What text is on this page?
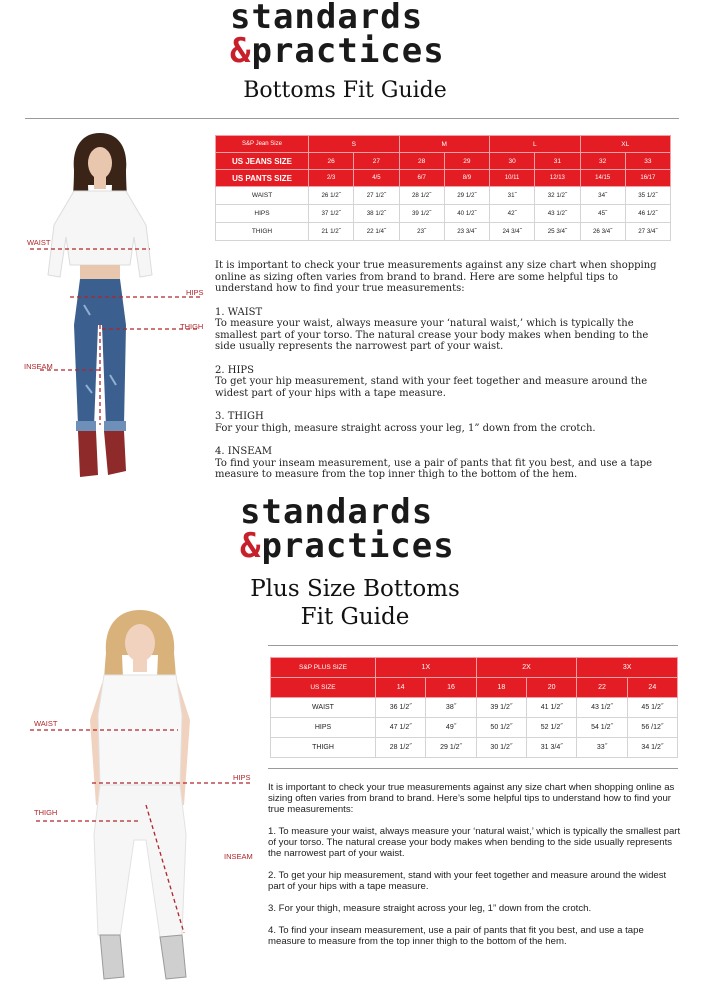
standards
&practices
Bottoms Fit Guide
S&P Jean Size	S		M		L		XL	
US JEANS SIZE	26	27	28	29	30	31	32	33
US PANTS SIZE	2/3	4/5	6/7	8/9	10/11	12/13	14/15	16/17
WAIST	26 1/2˝	27 1/2˝	28 1/2˝	29 1/2˝	31˝	32 1/2˝	34˝	35 1/2˝
HIPS	37 1/2˝	38 1/2˝	39 1/2˝	40 1/2˝	42˝	43 1/2˝	45˝	46 1/2˝
THIGH	21 1/2˝	22 1/4˝	23˝	23 3/4˝	24 3/4˝	25 3/4˝	26 3/4˝	27 3/4˝

It is important to check your true measurements against any size chart when shopping online as sizing often varies from brand to brand. Here are some helpful tips to understand how to find your true measurements:

1. WAIST

To measure your waist, always measure your ‘natural waist,’ which is typically the smallest part of your torso. The natural crease your body makes when bending to the side usually represents the narrowest part of your waist.

2. HIPS

To get your hip measurement, stand with your feet together and measure around the widest part of your hips with a tape measure.

3. THIGH

For your thigh, measure straight across your leg, 1” down from the crotch.

4. INSEAM

To find your inseam measurement, use a pair of pants that fit you best, and use a tape measure to measure from the top inner thigh to the bottom of the hem.

WAIST
HIPS
THIGH
INSEAM
standards
&practices
Plus Size Bottoms
Fit Guide
S&P PLUS SIZE	1X		2X		3X	
US SIZE	14	16	18	20	22	24
WAIST	36 1/2˝	38˝	39 1/2˝	41 1/2˝	43 1/2˝	45 1/2˝
HIPS	47 1/2˝	49˝	50 1/2˝	52 1/2˝	54 1/2˝	56 /12˝
THIGH	28 1/2˝	29 1/2˝	30 1/2˝	31 3/4˝	33˝	34 1/2˝

It is important to check your true measurements against any size chart when shopping online as sizing often varies from brand to brand. Here’s some helpful tips to understand how to find your true measurements:

1. To measure your waist, always measure your ‘natural waist,’ which is typically the smallest part of your torso. The natural crease your body makes when bending to the side usually represents the narrowest part of your waist.

2. To get your hip measurement, stand with your feet together and measure around the widest part of your hips with a tape measure.

3. For your thigh, measure straight across your leg, 1” down from the crotch.

4. To find your inseam measurement, use a pair of pants that fit you best, and use a tape measure to measure from the top inner thigh to the bottom of the hem.

WAIST
HIPS
THIGH
INSEAM
